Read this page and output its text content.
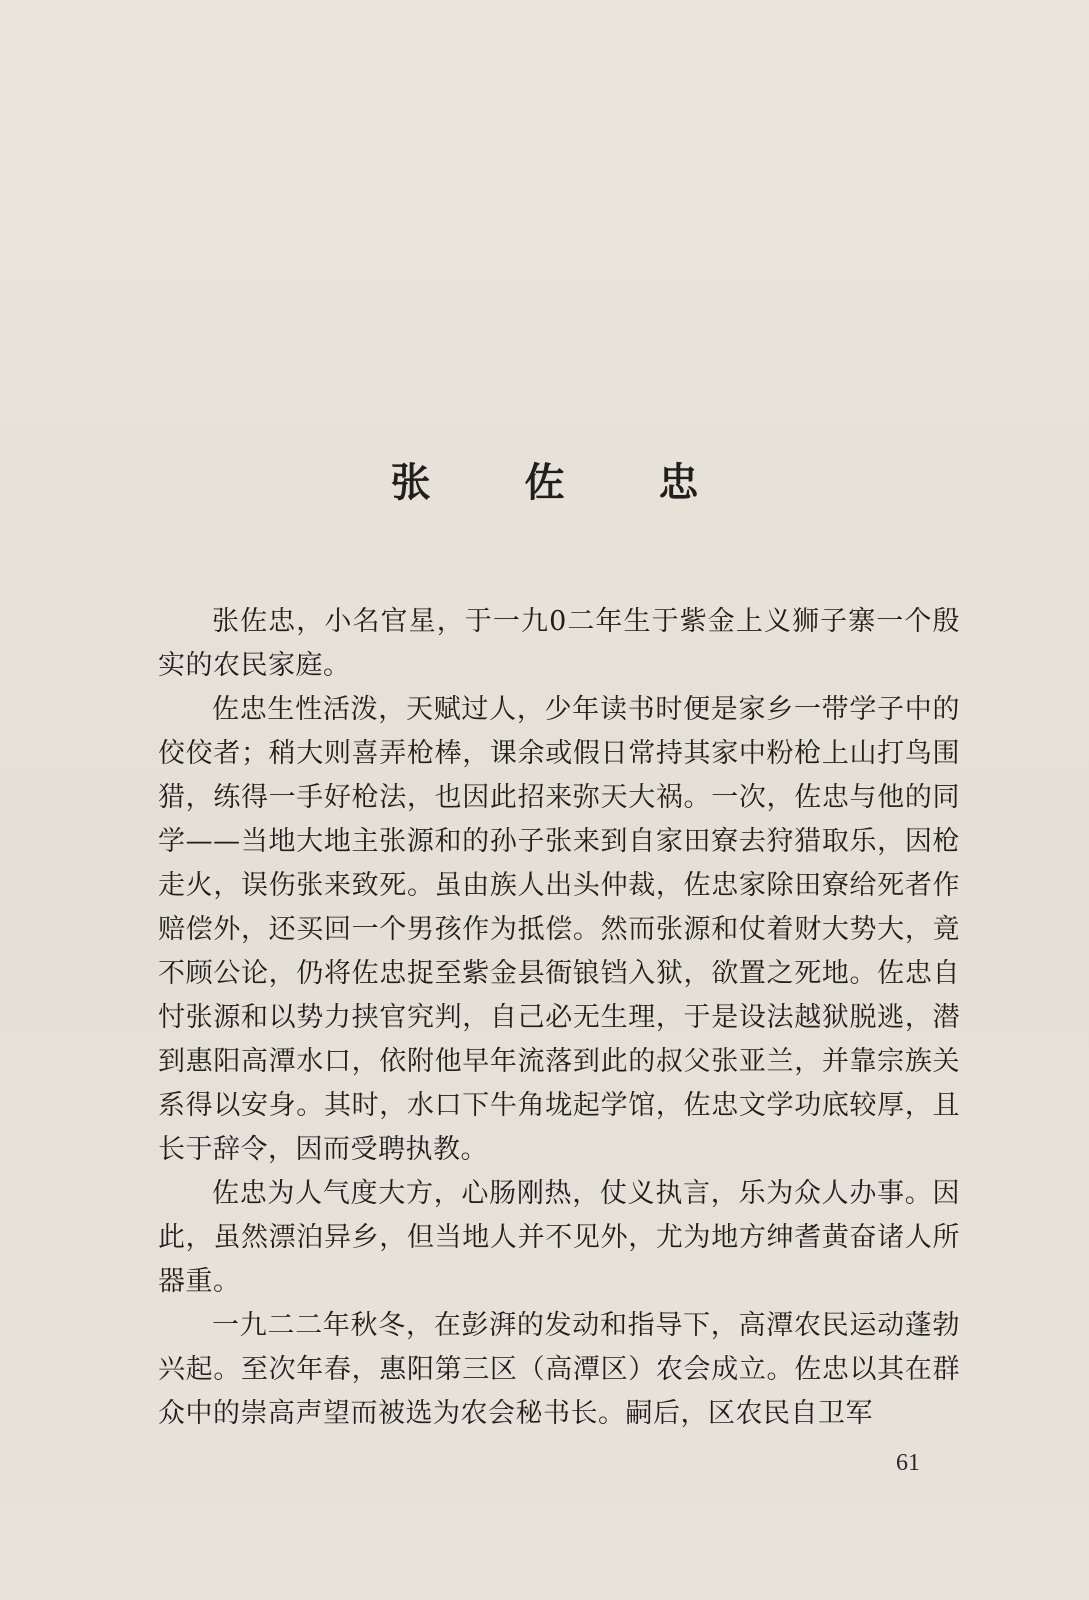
张 佐 忠

张佐忠，小名官星，于一九0二年生于紫金上义狮子寨一个殷实的农民家庭。

佐忠生性活泼，天赋过人，少年读书时便是家乡一带学子中的佼佼者；稍大则喜弄枪棒，课余或假日常持其家中粉枪上山打鸟围猎，练得一手好枪法，也因此招来弥天大祸。一次，佐忠与他的同学——当地大地主张源和的孙子张来到自家田寮去狩猎取乐，因枪走火，误伤张来致死。虽由族人出头仲裁，佐忠家除田寮给死者作赔偿外，还买回一个男孩作为抵偿。然而张源和仗着财大势大，竟不顾公论，仍将佐忠捉至紫金县衙锒铛入狱，欲置之死地。佐忠自忖张源和以势力挟官究判，自己必无生理，于是设法越狱脱逃，潜到惠阳高潭水口，依附他早年流落到此的叔父张亚兰，并靠宗族关系得以安身。其时，水口下牛角垅起学馆，佐忠文学功底较厚，且长于辞令，因而受聘执教。

佐忠为人气度大方，心肠刚热，仗义执言，乐为众人办事。因此，虽然漂泊异乡，但当地人并不见外，尤为地方绅耆黄奋诸人所器重。

一九二二年秋冬，在彭湃的发动和指导下，高潭农民运动蓬勃兴起。至次年春，惠阳第三区（高潭区）农会成立。佐忠以其在群众中的崇高声望而被选为农会秘书长。嗣后，区农民自卫军

61
